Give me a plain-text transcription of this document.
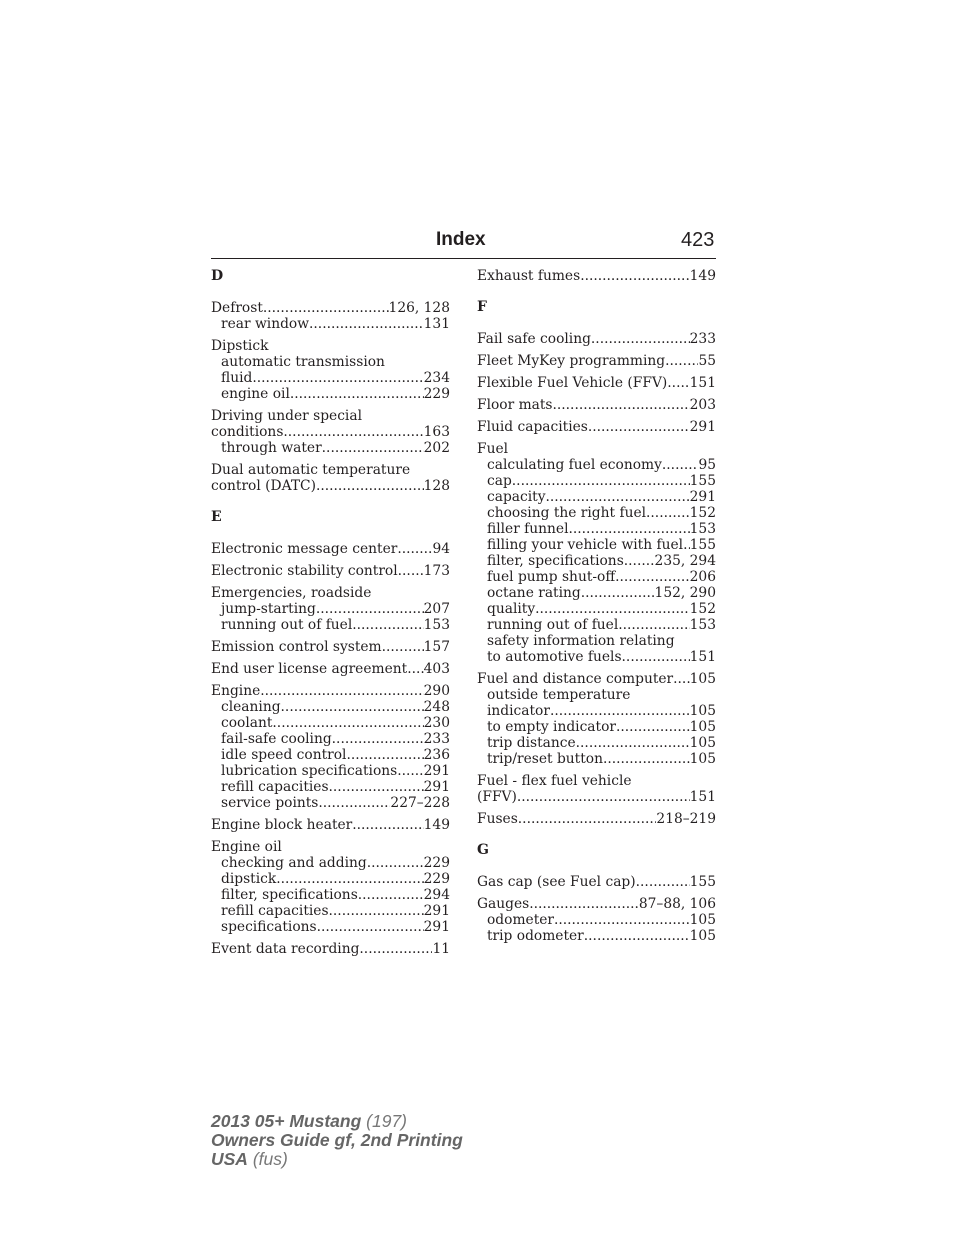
Index	423
D
Defrost .....	126, 128
rear window .....	131
Dipstick
automatic transmission
fluid .....	234
engine oil .....	229
Driving under special
conditions .....	163
through water .....	202
Dual automatic temperature
control (DATC) .....	128
E
Electronic message center .....	94
Electronic stability control ..... 173
Emergencies, roadside
jump-starting .....	207
running out of fuel .....	153
Emission control system .....	157
End user license agreement ..... 403
Engine .....	290
cleaning .....	248
coolant .....	230
fail-safe cooling .....	233
idle speed control .....	236
lubrication specifications ..... 291
refill capacities .....	291
service points .....	227–228
Engine block heater .....	149
Engine oil
checking and adding .....	229
dipstick .....	229
filter, specifications .....	294
refill capacities .....	291
specifications .....	291
Event data recording .....	11
Exhaust fumes .....	149
F
Fail safe cooling .....	233
Fleet MyKey programming ..... 55
Flexible Fuel Vehicle (FFV) ..... 151
Floor mats .....	203
Fluid capacities .....	291
Fuel
calculating fuel economy .....	95
cap .....	155
capacity .....	291
choosing the right fuel .....	152
filler funnel .....	153
filling your vehicle with fuel ..... 155
filter, specifications ..... 235, 294
fuel pump shut-off .....	206
octane rating .....	152, 290
quality .....	152
running out of fuel .....	153
safety information relating
to automotive fuels .....	151
Fuel and distance computer ..... 105
outside temperature
indicator .....	105
to empty indicator .....	105
trip distance .....	105
trip/reset button .....	105
Fuel - flex fuel vehicle
(FFV) .....	151
Fuses .....	218–219
G
Gas cap (see Fuel cap) .....	155
Gauges .....	87–88, 106
odometer .....	105
trip odometer .....	105
2013 05+ Mustang (197)
Owners Guide gf, 2nd Printing
USA (fus)
